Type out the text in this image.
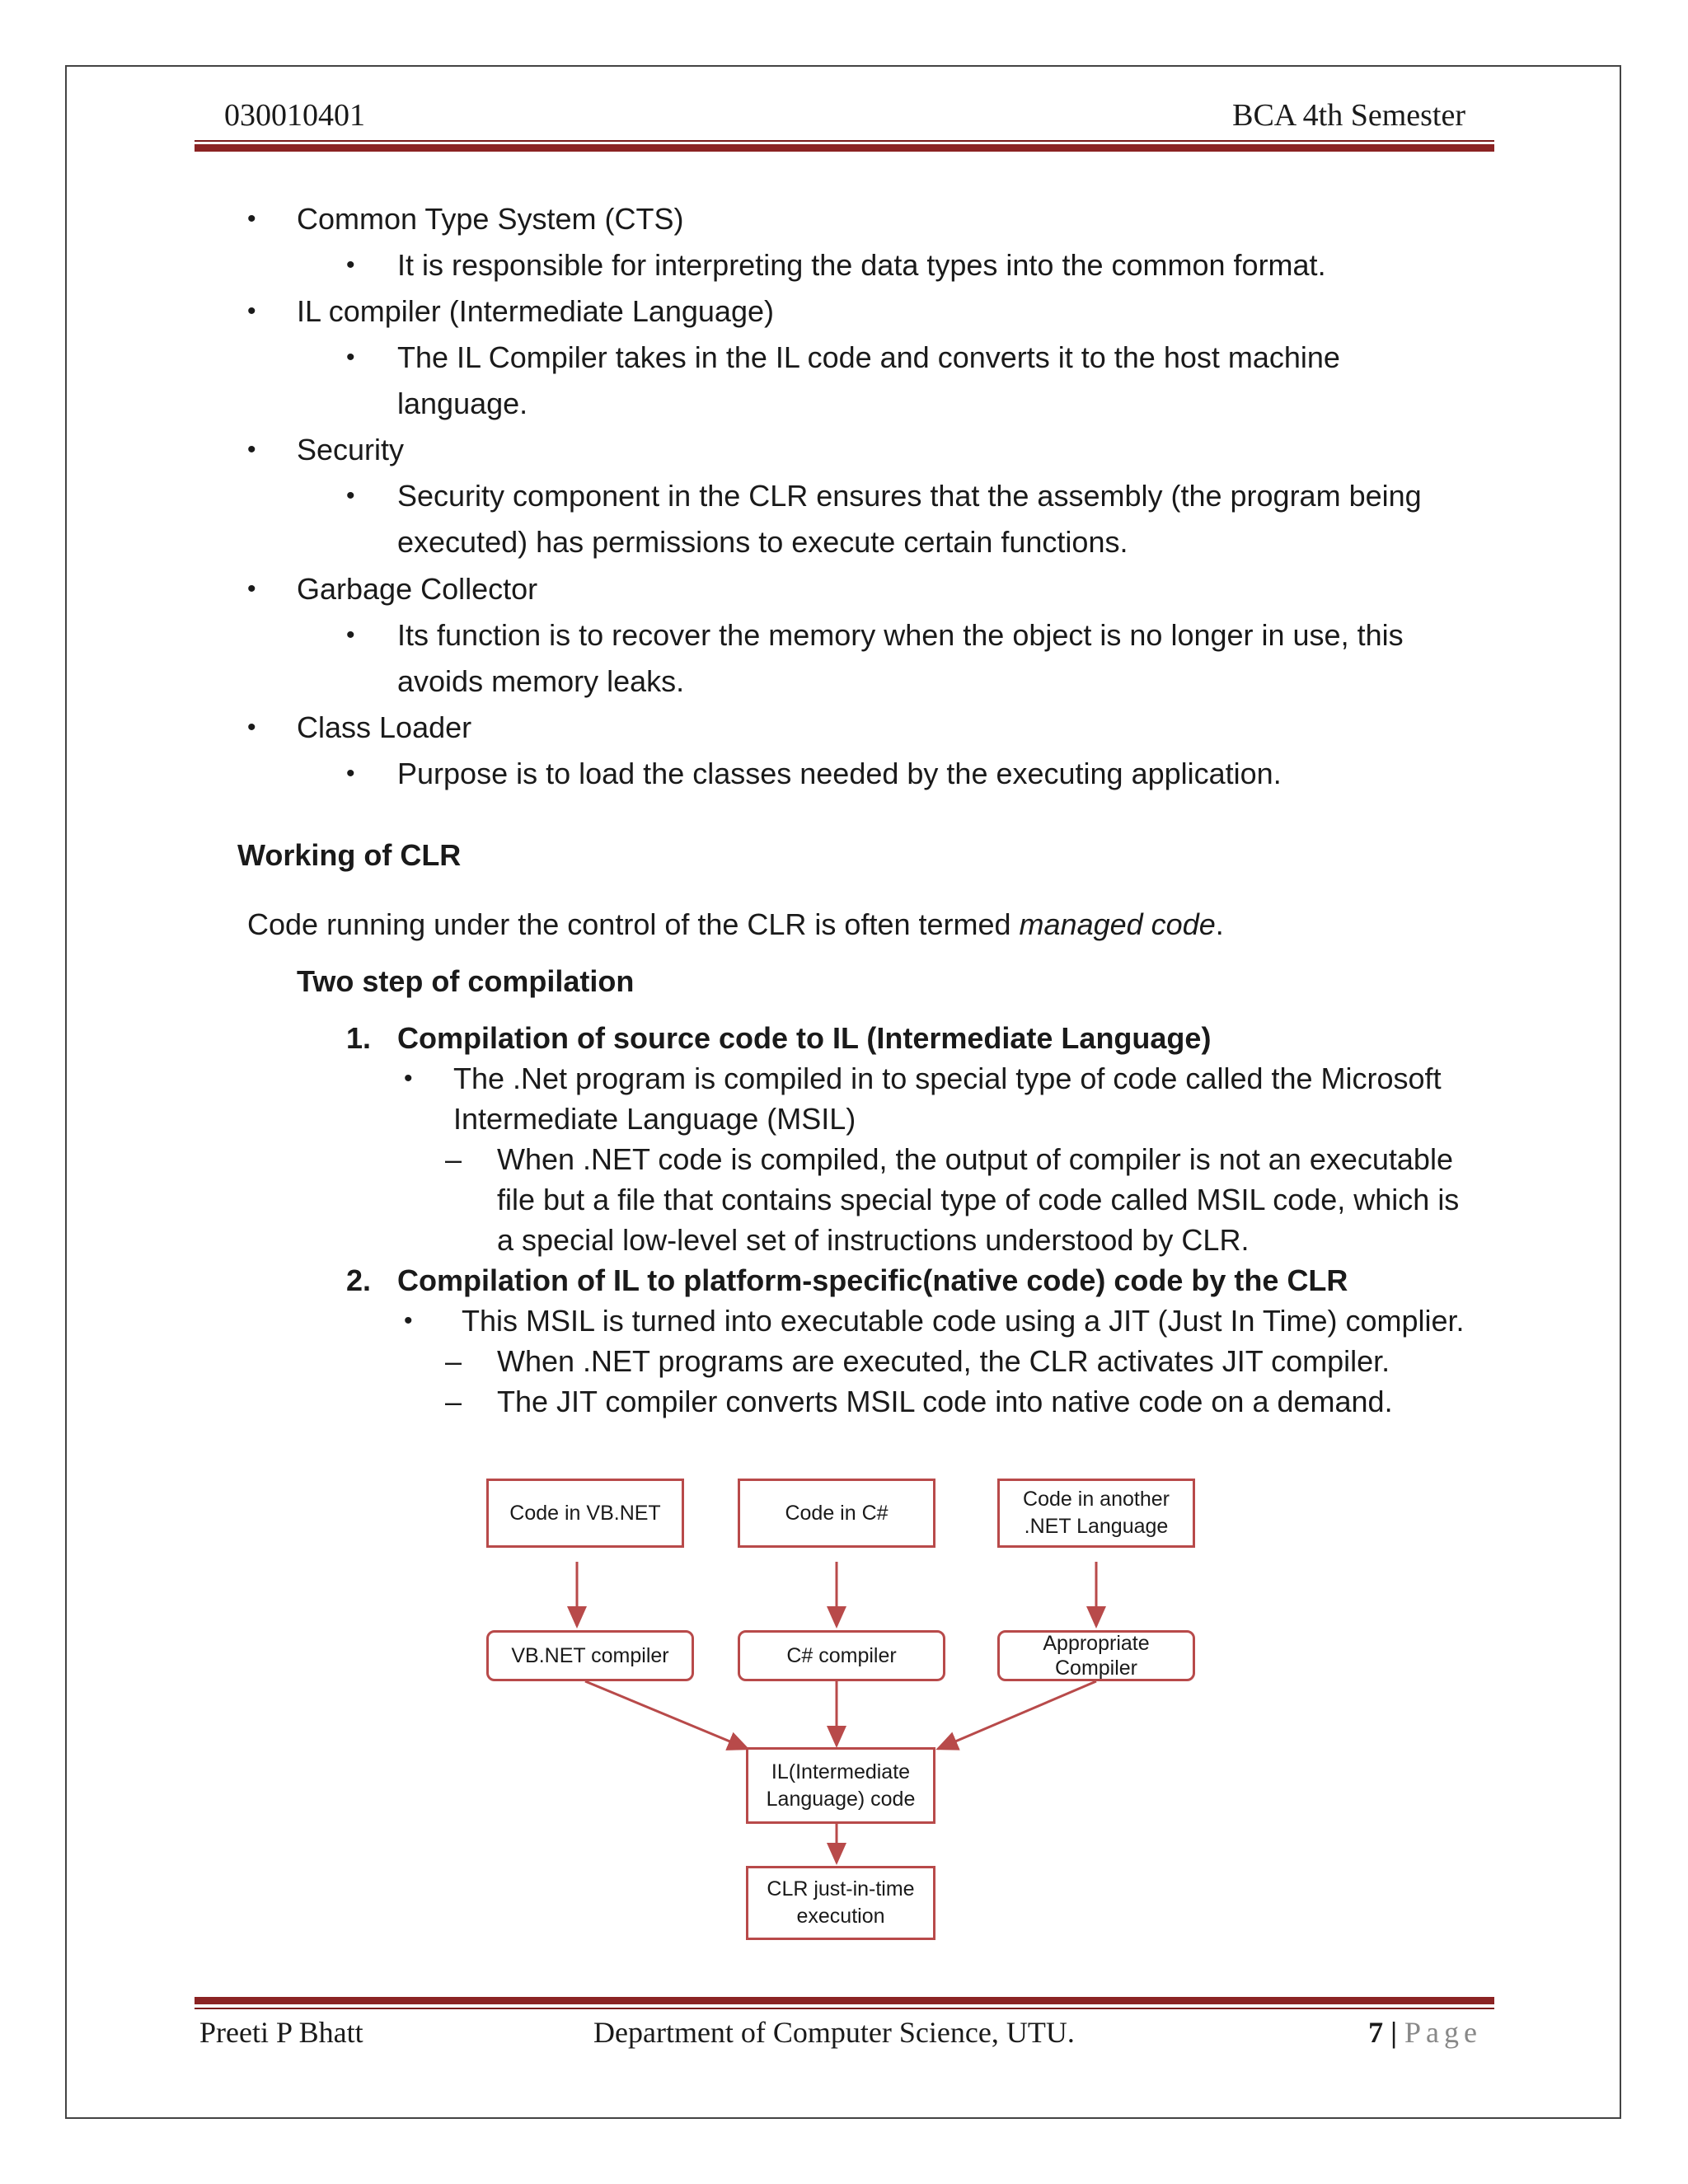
030010401	BCA 4th Semester
• Common Type System (CTS)
• It is responsible for interpreting the data types into the common format.
• IL compiler (Intermediate Language)
• The IL Compiler takes in the IL code and converts it to the host machine
language.
• Security
• Security component in the CLR ensures that the assembly (the program being
executed) has permissions to execute certain functions.
• Garbage Collector
• Its function is to recover the memory when the object is no longer in use, this
avoids memory leaks.
• Class Loader
• Purpose is to load the classes needed by the executing application.
Working of CLR
Code running under the control of the CLR is often termed managed code.
Two step of compilation
1. Compilation of source code to IL (Intermediate Language)
• The .Net program is compiled in to special type of code called the Microsoft
Intermediate Language (MSIL)
– When .NET code is compiled, the output of compiler is not an executable
file but a file that contains special type of code called MSIL code, which is
a special low-level set of instructions understood by CLR.
2. Compilation of IL to platform-specific(native code) code by the CLR
• This MSIL is turned into executable code using a JIT (Just In Time) complier.
– When .NET programs are executed, the CLR activates JIT compiler.
– The JIT compiler converts MSIL code into native code on a demand.
Code in VB.NET	Code in C#
Code in another
.NET Language
VB.NET compiler	C# compiler
Appropriate
Compiler
IL(Intermediate
Language) code
CLR just-in-time
execution
Preeti P Bhatt	Department of Computer Science, UTU.	7 | Page
